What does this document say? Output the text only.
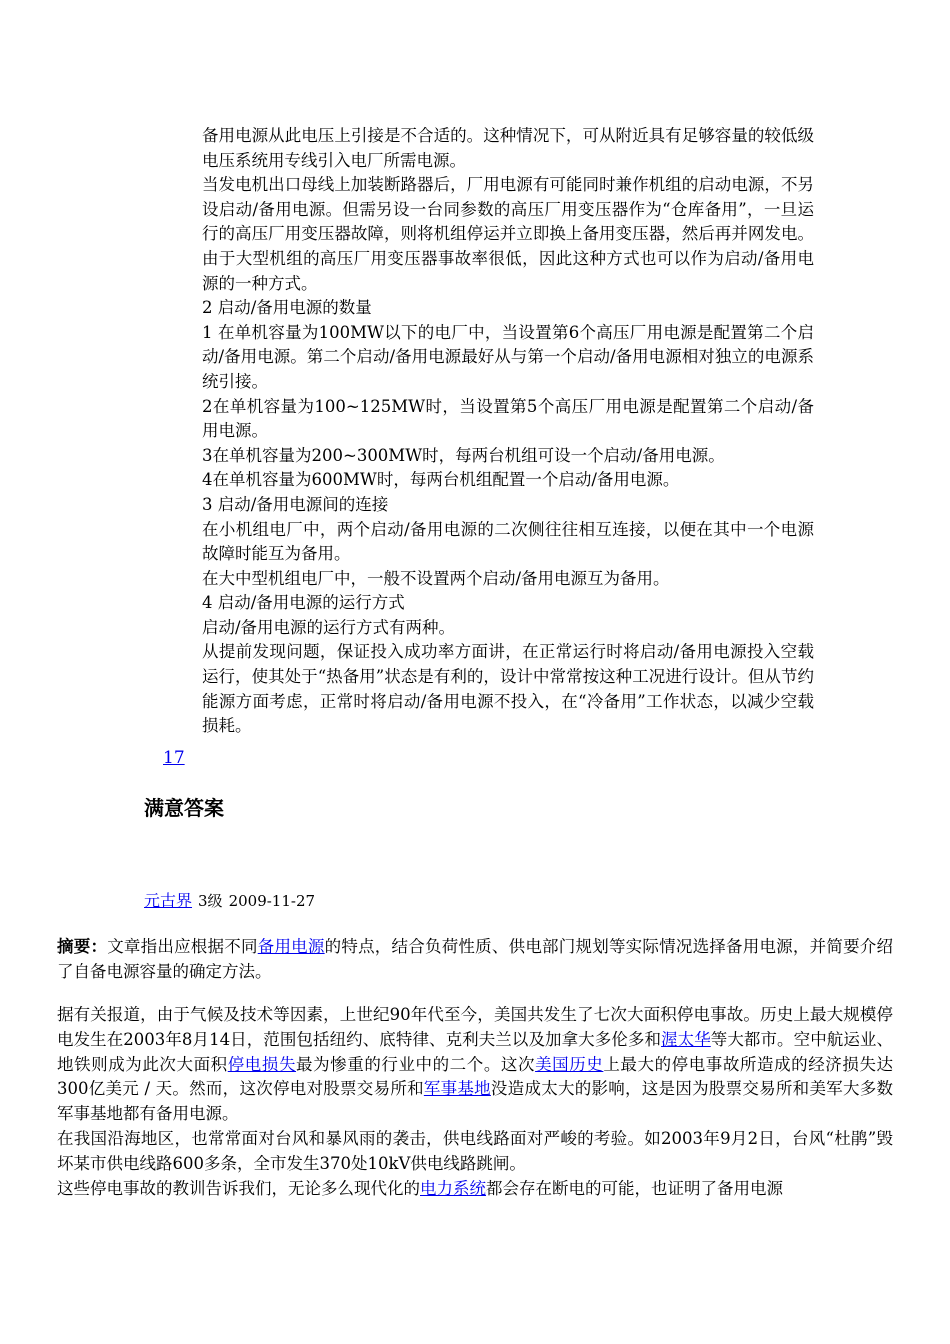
备用电源从此电压上引接是不合适的。这种情况下，可从附近具有足够容量的较低级电压系统用专线引入电厂所需电源。

当发电机出口母线上加装断路器后，厂用电源有可能同时兼作机组的启动电源，不另设启动/备用电源。但需另设一台同参数的高压厂用变压器作为“仓库备用”，一旦运行的高压厂用变压器故障，则将机组停运并立即换上备用变压器，然后再并网发电。由于大型机组的高压厂用变压器事故率很低，因此这种方式也可以作为启动/备用电源的一种方式。

2 启动/备用电源的数量

1 在单机容量为100MW以下的电厂中，当设置第6个高压厂用电源是配置第二个启动/备用电源。第二个启动/备用电源最好从与第一个启动/备用电源相对独立的电源系统引接。

2在单机容量为100~125MW时，当设置第5个高压厂用电源是配置第二个启动/备用电源。

3在单机容量为200~300MW时，每两台机组可设一个启动/备用电源。

4在单机容量为600MW时，每两台机组配置一个启动/备用电源。

3 启动/备用电源间的连接

在小机组电厂中，两个启动/备用电源的二次侧往往相互连接，以便在其中一个电源故障时能互为备用。

在大中型机组电厂中，一般不设置两个启动/备用电源互为备用。

4 启动/备用电源的运行方式

启动/备用电源的运行方式有两种。

从提前发现问题，保证投入成功率方面讲，在正常运行时将启动/备用电源投入空载运行，使其处于“热备用”状态是有利的，设计中常常按这种工况进行设计。但从节约能源方面考虑，正常时将启动/备用电源不投入，在“冷备用”工作状态，以减少空载损耗。

17
满意答案
元古界 3级 2009-11-27

摘要：文章指出应根据不同备用电源的特点，结合负荷性质、供电部门规划等实际情况选择备用电源，并简要介绍了自备电源容量的确定方法。

据有关报道，由于气候及技术等因素，上世纪90年代至今，美国共发生了七次大面积停电事故。历史上最大规模停电发生在2003年8月14日，范围包括纽约、底特律、克利夫兰以及加拿大多伦多和渥太华等大都市。空中航运业、地铁则成为此次大面积停电损失最为惨重的行业中的二个。这次美国历史上最大的停电事故所造成的经济损失达300亿美元 / 天。然而，这次停电对股票交易所和军事基地没造成太大的影响，这是因为股票交易所和美军大多数军事基地都有备用电源。

在我国沿海地区，也常常面对台风和暴风雨的袭击，供电线路面对严峻的考验。如2003年9月2日，台风“杜鹃”毁坏某市供电线路600多条，全市发生370处10kV供电线路跳闸。

这些停电事故的教训告诉我们，无论多么现代化的电力系统都会存在断电的可能，也证明了备用电源
